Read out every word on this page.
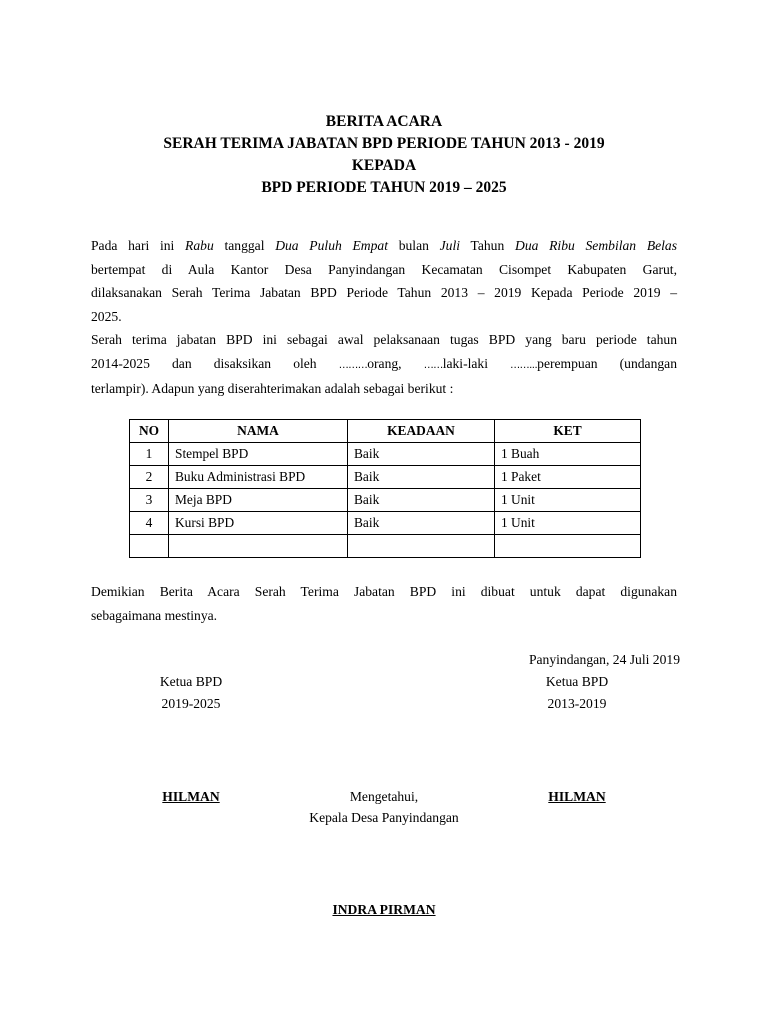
BERITA ACARA
SERAH TERIMA JABATAN BPD PERIODE TAHUN 2013 - 2019
KEPADA
BPD PERIODE TAHUN 2019 – 2025
Pada hari ini Rabu tanggal Dua Puluh Empat bulan Juli Tahun Dua Ribu Sembilan Belas
bertempat di Aula Kantor Desa Panyindangan Kecamatan Cisompet Kabupaten Garut,
dilaksanakan Serah Terima Jabatan BPD Periode Tahun 2013 – 2019 Kepada Periode 2019 –
2025.
Serah terima jabatan BPD ini sebagai awal pelaksanaan tugas BPD yang baru periode tahun
2014-2025 dan disaksikan oleh ………orang, ……laki-laki ……...perempuan (undangan
terlampir). Adapun yang diserahterimakan adalah sebagai berikut :
NO	NAMA	KEADAAN	KET
1	Stempel BPD	Baik	1 Buah
2	Buku Administrasi BPD	Baik	1 Paket
3	Meja BPD	Baik	1 Unit
4	Kursi BPD	Baik	1 Unit

Demikian Berita Acara Serah Terima Jabatan BPD ini dibuat untuk dapat digunakan
sebagaimana mestinya.
Panyindangan, 24 Juli 2019
Ketua BPD
2019-2025
HILMAN
Ketua BPD
2013-2019
HILMAN
Mengetahui,
Kepala Desa Panyindangan
INDRA PIRMAN
